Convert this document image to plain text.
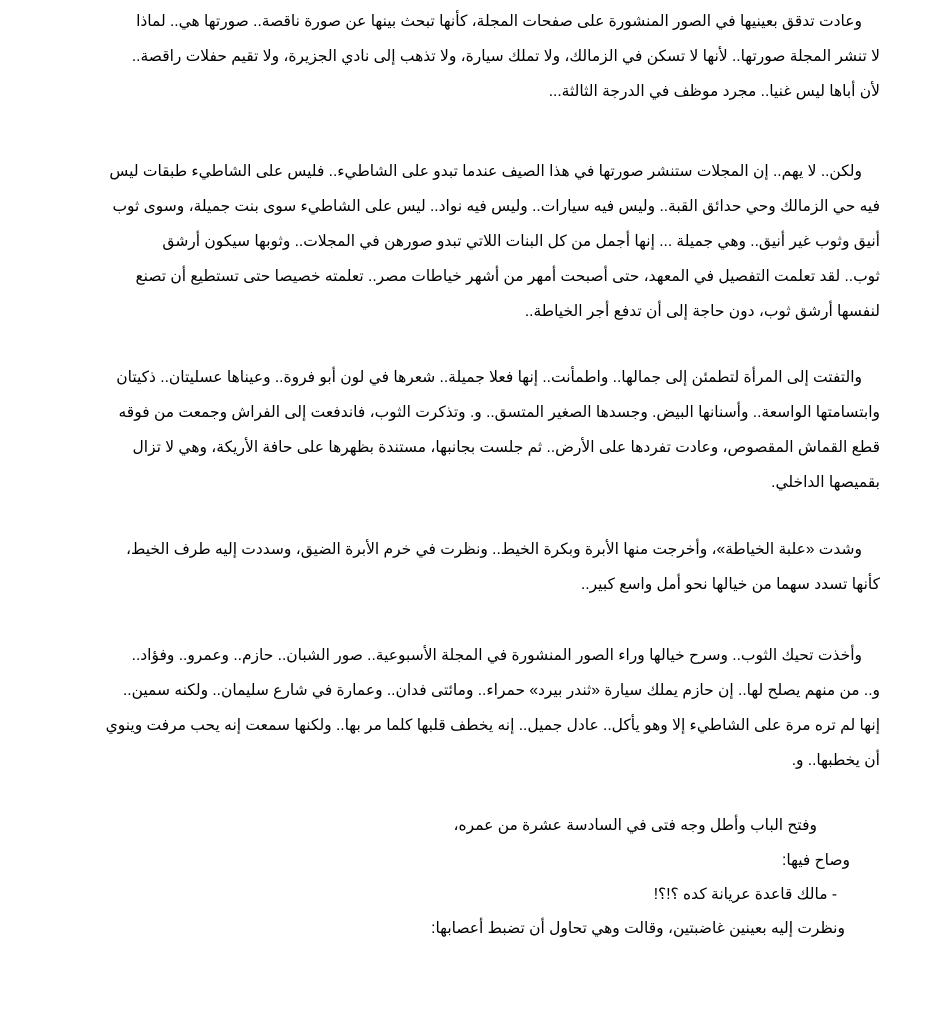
وعادت تدقق بعينيها في الصور المنشورة على صفحات المجلة، كأنها تبحث بينها عن صورة ناقصة.. صورتها هي.. لماذا
لا تنشر المجلة صورتها.. لأنها لا تسكن في الزمالك، ولا تملك سيارة، ولا تذهب إلى نادي الجزيرة، ولا تقيم حفلات راقصة..
لأن أباها ليس غنيا.. مجرد موظف في الدرجة الثالثة...

ولكن.. لا يهم.. إن المجلات ستنشر صورتها في هذا الصيف عندما تبدو على الشاطيء.. فليس على الشاطيء طبقات ليس
فيه حي الزمالك وحي حدائق القبة.. وليس فيه سيارات.. وليس فيه نواد.. ليس على الشاطيء سوى بنت جميلة، وسوى ثوب
أنيق وثوب غير أنيق.. وهي جميلة ... إنها أجمل من كل البنات اللاتي تبدو صورهن في المجلات.. وثوبها سيكون أرشق
ثوب.. لقد تعلمت التفصيل في المعهد، حتى أصبحت أمهر من أشهر خياطات مصر.. تعلمته خصيصا حتى تستطيع أن تصنع
لنفسها أرشق ثوب، دون حاجة إلى أن تدفع أجر الخياطة..

والتفتت إلى المرأة لتطمئن إلى جمالها.. واطمأنت.. إنها فعلا جميلة.. شعرها في لون أبو فروة.. وعيناها عسليتان.. ذكيتان
وابتسامتها الواسعة.. وأسنانها البيض. وجسدها الصغير المتسق.. و. وتذكرت الثوب، فاندفعت إلى الفراش وجمعت من فوقه
قطع القماش المقصوص، وعادت تفردها على الأرض.. ثم جلست بجانبها، مستندة بظهرها على حافة الأريكة، وهي لا تزال
بقميصها الداخلي.

وشدت «علبة الخياطة»، وأخرجت منها الأبرة وبكرة الخيط.. ونظرت في خرم الأبرة الضيق، وسددت إليه طرف الخيط،
كأنها تسدد سهما من خيالها نحو أمل واسع كبير..

وأخذت تحيك الثوب.. وسرح خيالها وراء الصور المنشورة في المجلة الأسبوعية.. صور الشبان.. حازم.. وعمرو.. وفؤاد..
و.. من منهم يصلح لها.. إن حازم يملك سيارة «ثندر بيرد» حمراء.. ومائتى فدان.. وعمارة في شارع سليمان.. ولكنه سمين..
إنها لم تره مرة على الشاطيء إلا وهو يأكل.. عادل جميل.. إنه يخطف قلبها كلما مر بها.. ولكنها سمعت إنه يحب مرفت وينوي
أن يخطبها.. و.

وفتح الباب وأطل وجه فتى في السادسة عشرة من عمره،

وصاح فيها:

- مالك قاعدة عريانة كده ؟!؟!

ونظرت إليه بعينين غاضبتين، وقالت وهي تحاول أن تضبط أعصابها:
